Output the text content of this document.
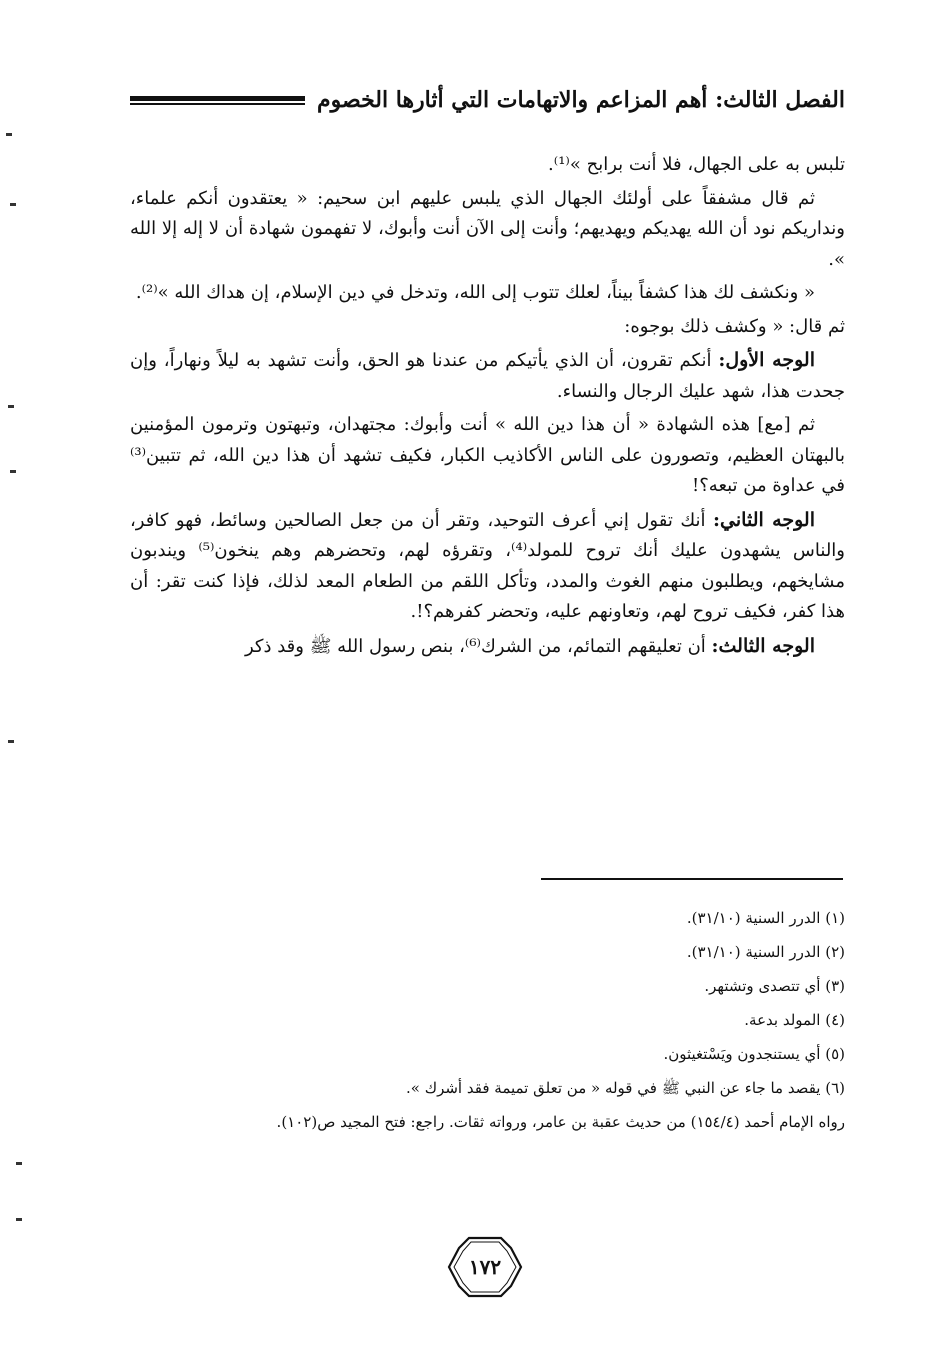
الفصل الثالث: أهم المزاعم والاتهامات التي أثارها الخصوم

تلبس به على الجهال، فلا أنت برابح »⁽¹⁾.

ثم قال مشفقاً على أولئك الجهال الذي يلبس عليهم ابن سحيم: « يعتقدون أنكم علماء، ونداريكم نود أن الله يهديكم ويهديهم؛ وأنت إلى الآن أنت وأبوك، لا تفهمون شهادة أن لا إله إلا الله ».

« ونكشف لك هذا كشفاً بيناً، لعلك تتوب إلى الله، وتدخل في دين الإسلام، إن هداك الله »⁽²⁾.

ثم قال: « وكشف ذلك بوجوه:

الوجه الأول: أنكم تقرون، أن الذي يأتيكم من عندنا هو الحق، وأنت تشهد به ليلاً ونهاراً، وإن جحدت هذا، شهد عليك الرجال والنساء.

ثم [مع] هذه الشهادة « أن هذا دين الله » أنت وأبوك: مجتهدان، وتبهتون وترمون المؤمنين بالبهتان العظيم، وتصورون على الناس الأكاذيب الكبار، فكيف تشهد أن هذا دين الله، ثم تتبين⁽³⁾ في عداوة من تبعه؟!

الوجه الثاني: أنك تقول إني أعرف التوحيد، وتقر أن من جعل الصالحين وسائط، فهو كافر، والناس يشهدون عليك أنك تروح للمولد⁽⁴⁾، وتقرؤه لهم، وتحضرهم وهم ينخون⁽⁵⁾ ويندبون مشايخهم، ويطلبون منهم الغوث والمدد، وتأكل اللقم من الطعام المعد لذلك، فإذا كنت تقر: أن هذا كفر، فكيف تروح لهم، وتعاونهم عليه، وتحضر كفرهم؟!.

الوجه الثالث: أن تعليقهم التمائم، من الشرك⁽⁶⁾، بنص رسول الله ﷺ وقد ذكر

(١) الدرر السنية (٣١/١٠).

(٢) الدرر السنية (٣١/١٠).

(٣) أي تتصدى وتشتهر.

(٤) المولد بدعة.

(٥) أي يستنجدون ويَسْتغيثون.

(٦) يقصد ما جاء عن النبي ﷺ في قوله « من تعلق تميمة فقد أشرك ».

رواه الإمام أحمد (١٥٤/٤) من حديث عقبة بن عامر، ورواته ثقات. راجع: فتح المجيد ص(١٠٢).

١٧٢
